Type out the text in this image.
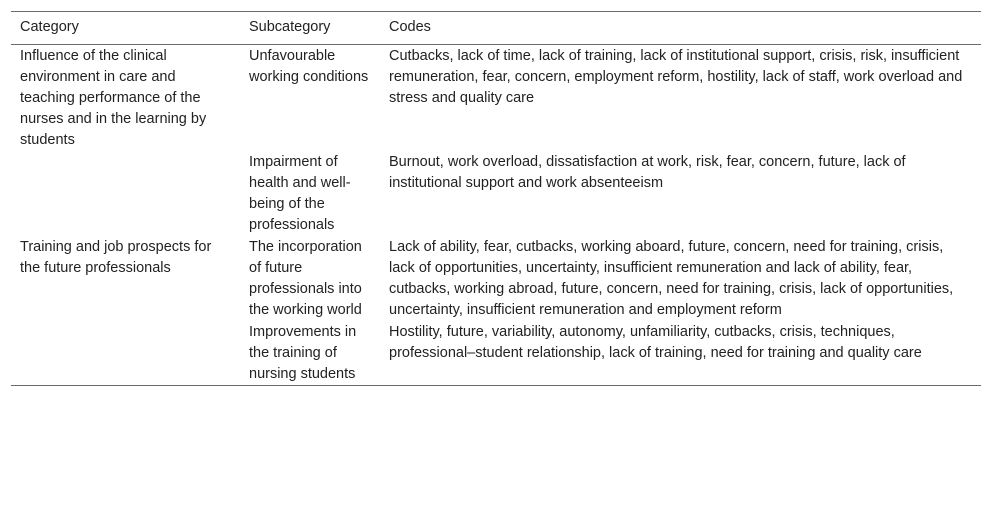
Category	Subcategory	Codes
Influence of the clinical environment in care and teaching performance of the nurses and in the learning by students	Unfavourable working conditions	Cutbacks, lack of time, lack of training, lack of institutional support, crisis, risk, insufficient remuneration, fear, concern, employment reform, hostility, lack of staff, work overload and stress and quality care
	Impairment of health and well-being of the professionals	Burnout, work overload, dissatisfaction at work, risk, fear, concern, future, lack of institutional support and work absenteeism
Training and job prospects for the future professionals	The incorporation of future professionals into the working world	Lack of ability, fear, cutbacks, working aboard, future, concern, need for training, crisis, lack of opportunities, uncertainty, insufficient remuneration and lack of ability, fear, cutbacks, working abroad, future, concern, need for training, crisis, lack of opportunities, uncertainty, insufficient remuneration and employment reform
	Improvements in the training of nursing students	Hostility, future, variability, autonomy, unfamiliarity, cutbacks, crisis, techniques, professional–student relationship, lack of training, need for training and quality care
